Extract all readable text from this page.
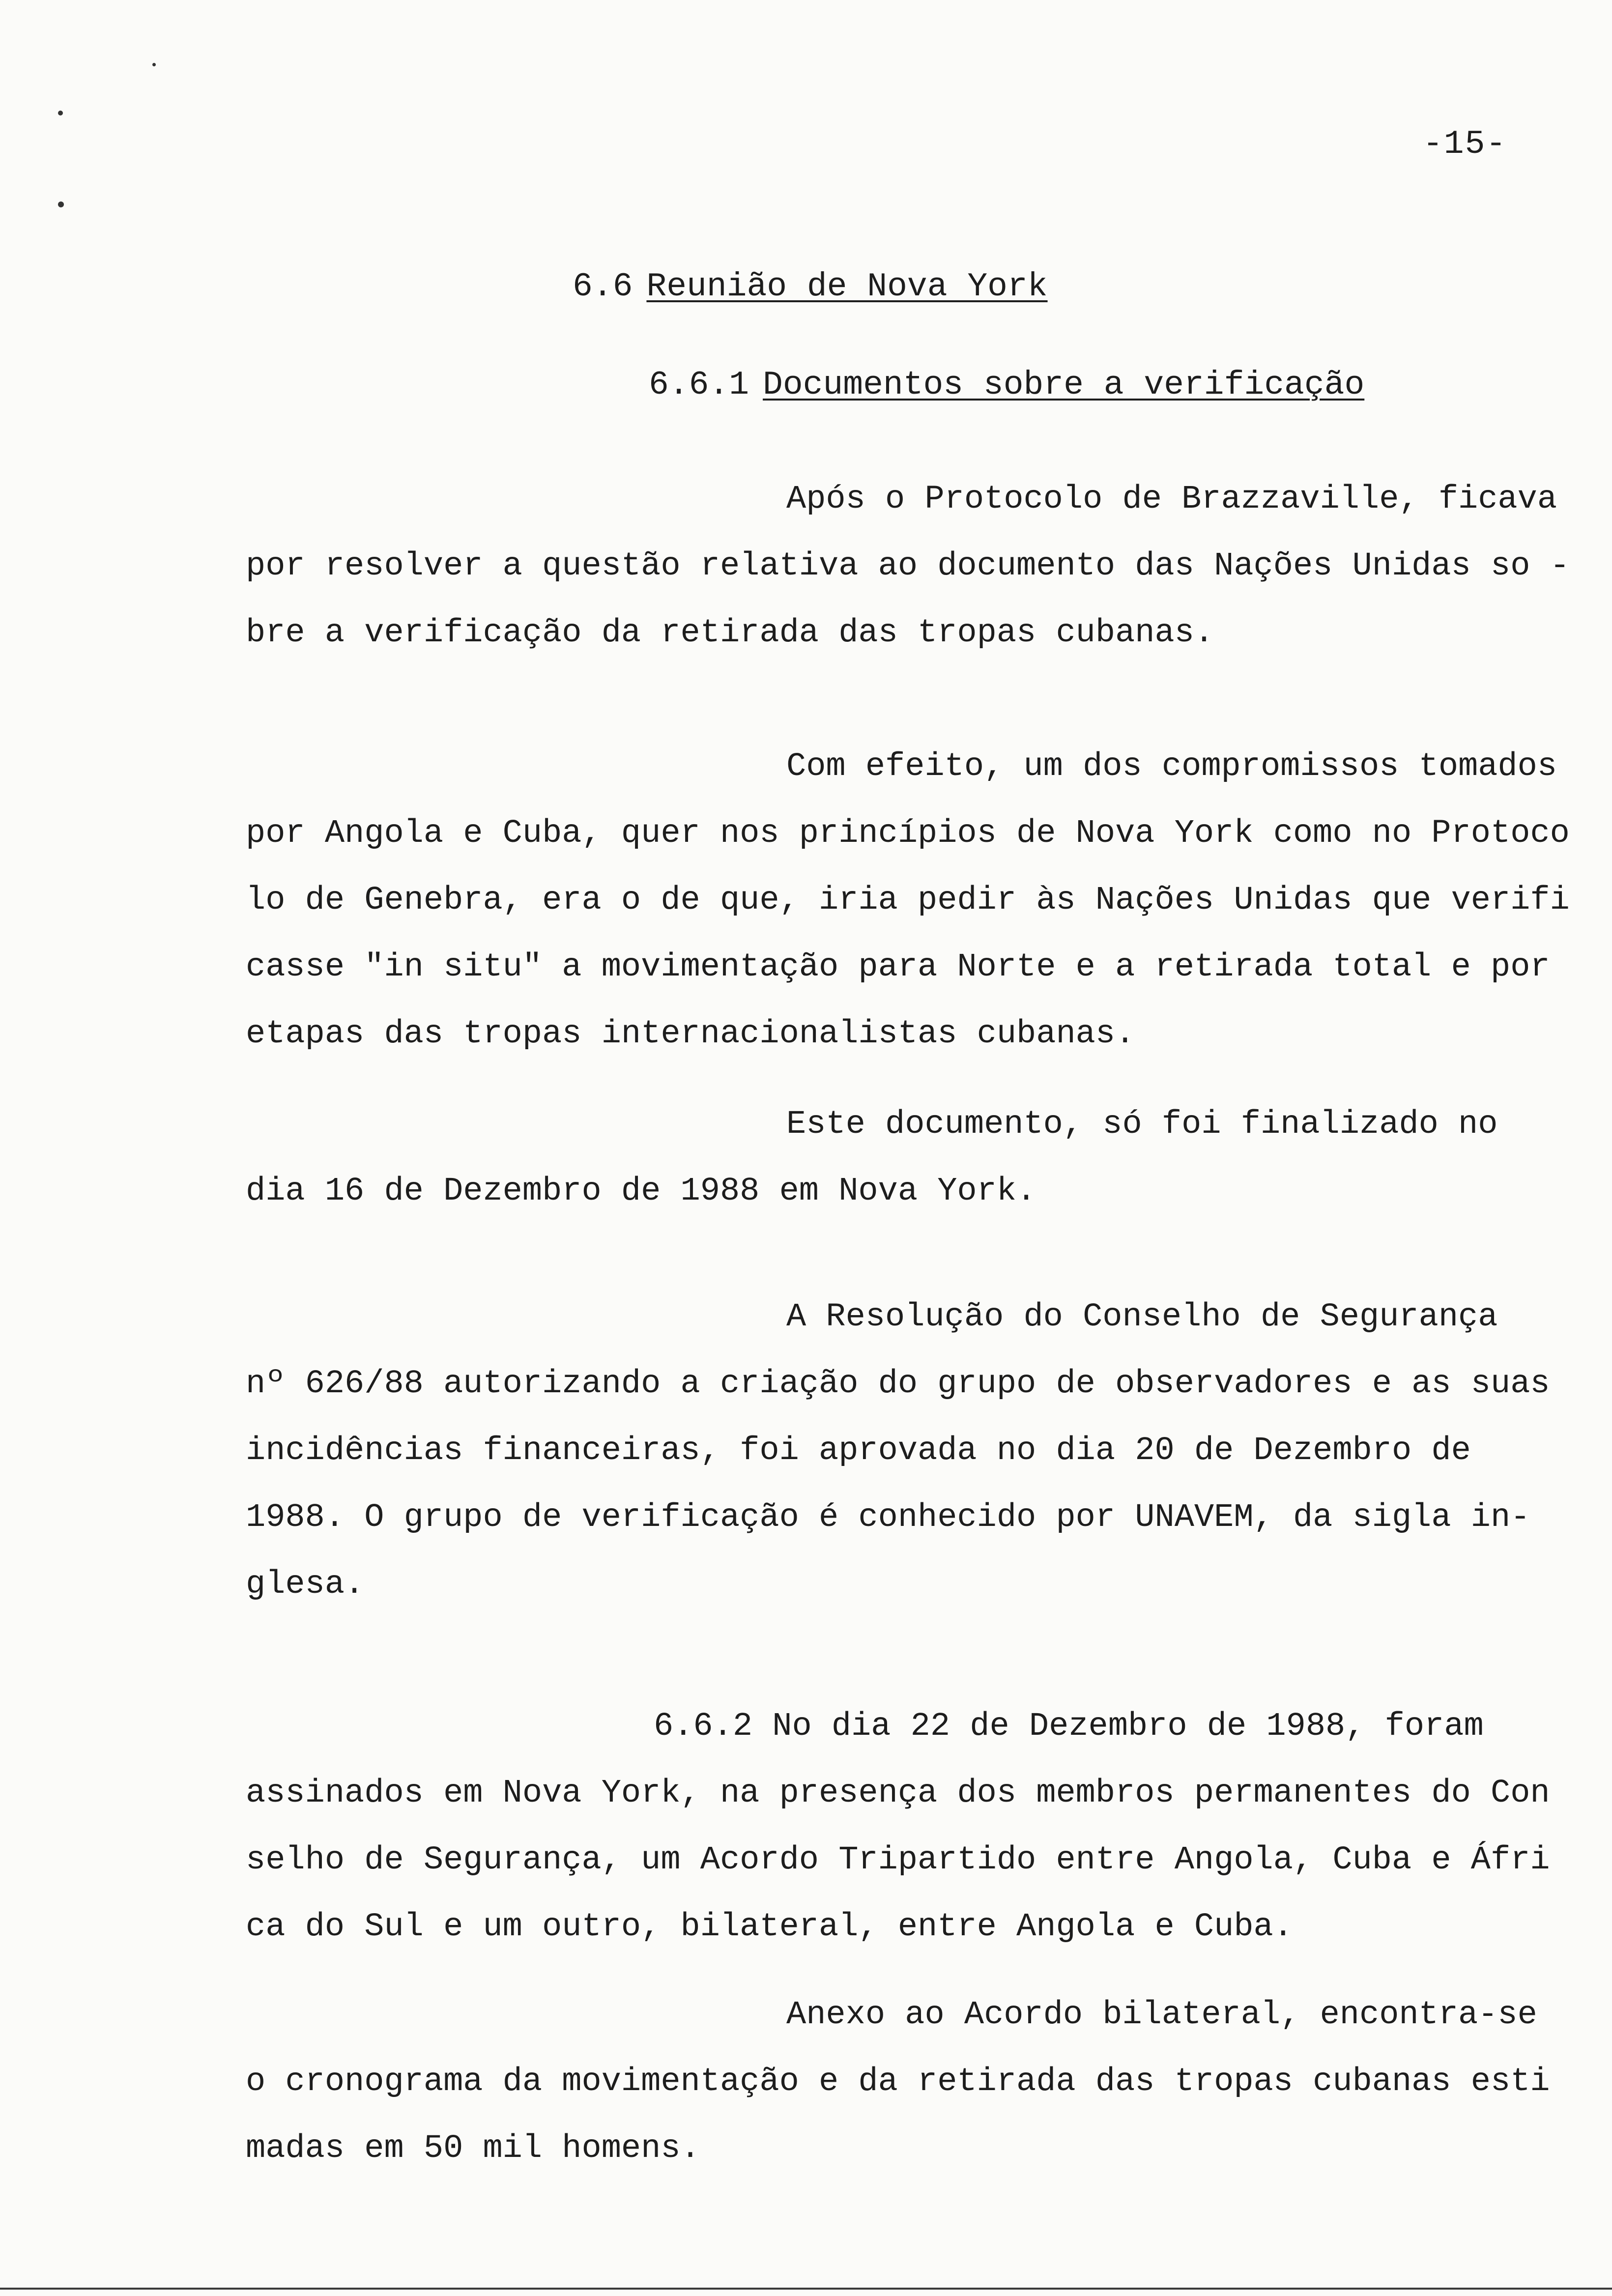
-15-
6.6 Reunião de Nova York
6.6.1 Documentos sobre a verificação
Após o Protocolo de Brazzaville, ficava
por resolver a questão relativa ao documento das Nações Unidas so -
bre a verificação da retirada das tropas cubanas.
Com efeito, um dos compromissos tomados
por Angola e Cuba, quer nos princípios de Nova York como no Protoco
lo de Genebra, era o de que, iria pedir às Nações Unidas que verifi
casse "in situ" a movimentação para Norte e a retirada total e por
etapas das tropas internacionalistas cubanas.
Este documento, só foi finalizado no
dia 16 de Dezembro de 1988 em Nova York.
A Resolução do Conselho de Segurança
nº 626/88 autorizando a criação do grupo de observadores e as suas
incidências financeiras, foi aprovada no dia 20 de Dezembro de
1988. O grupo de verificação é conhecido por UNAVEM, da sigla in-
glesa.
6.6.2 No dia 22 de Dezembro de 1988, foram
assinados em Nova York, na presença dos membros permanentes do Con
selho de Segurança, um Acordo Tripartido entre Angola, Cuba e Áfri
ca do Sul e um outro, bilateral, entre Angola e Cuba.
Anexo ao Acordo bilateral, encontra-se
o cronograma da movimentação e da retirada das tropas cubanas esti
madas em 50 mil homens.
